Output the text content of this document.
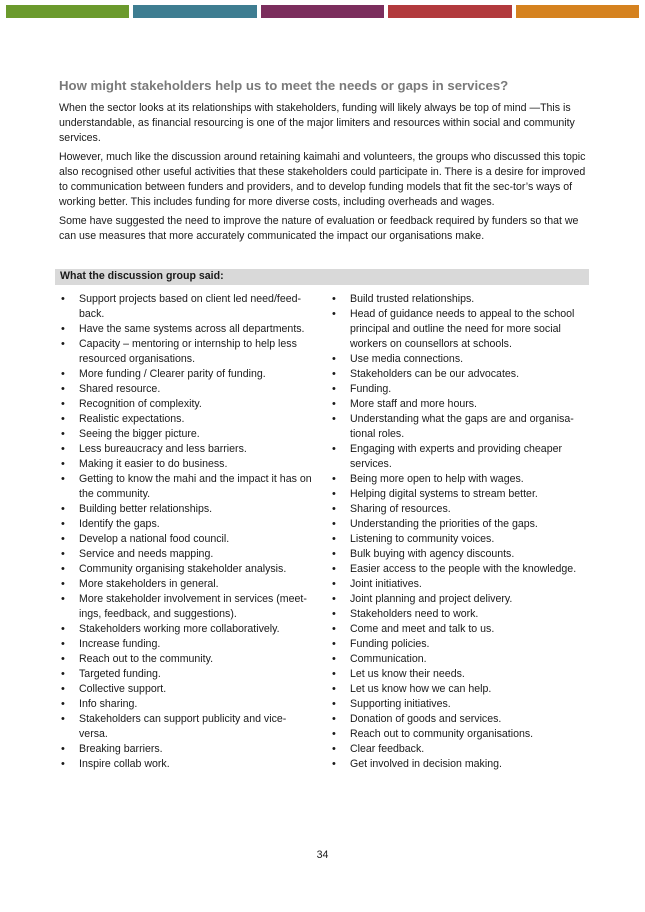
How might stakeholders help us to meet the needs or gaps in services?

When the sector looks at its relationships with stakeholders, funding will likely always be top of mind —This is understandable, as financial resourcing is one of the major limiters and resources within social and community services.

However, much like the discussion around retaining kaimahi and volunteers, the groups who discussed this topic also recognised other useful activities that these stakeholders could participate in. There is a desire for improved to communication between funders and providers, and to develop funding models that fit the sec-tor’s ways of working better. This includes funding for more diverse costs, including overheads and wages.

Some have suggested the need to improve the nature of evaluation or feedback required by funders so that we can use measures that more accurately communicated the impact our organisations make.

What the discussion group said:
• Support projects based on client led need/feed-back.
• Have the same systems across all departments.
• Capacity – mentoring or internship to help less resourced organisations.
• More funding / Clearer parity of funding.
• Shared resource.
• Recognition of complexity.
• Realistic expectations.
• Seeing the bigger picture.
• Less bureaucracy and less barriers.
• Making it easier to do business.
• Getting to know the mahi and the impact it has on the community.
• Building better relationships.
• Identify the gaps.
• Develop a national food council.
• Service and needs mapping.
• Community organising stakeholder analysis.
• More stakeholders in general.
• More stakeholder involvement in services (meet-ings, feedback, and suggestions).
• Stakeholders working more collaboratively.
• Increase funding.
• Reach out to the community.
• Targeted funding.
• Collective support.
• Info sharing.
• Stakeholders can support publicity and vice-versa.
• Breaking barriers.
• Inspire collab work.
• Build trusted relationships.
• Head of guidance needs to appeal to the school principal and outline the need for more social workers on counsellors at schools.
• Use media connections.
• Stakeholders can be our advocates.
• Funding.
• More staff and more hours.
• Understanding what the gaps are and organisa-tional roles.
• Engaging with experts and providing cheaper services.
• Being more open to help with wages.
• Helping digital systems to stream better.
• Sharing of resources.
• Understanding the priorities of the gaps.
• Listening to community voices.
• Bulk buying with agency discounts.
• Easier access to the people with the knowledge.
• Joint initiatives.
• Joint planning and project delivery.
• Stakeholders need to work.
• Come and meet and talk to us.
• Funding policies.
• Communication.
• Let us know their needs.
• Let us know how we can help.
• Supporting initiatives.
• Donation of goods and services.
• Reach out to community organisations.
• Clear feedback.
• Get involved in decision making.
34
